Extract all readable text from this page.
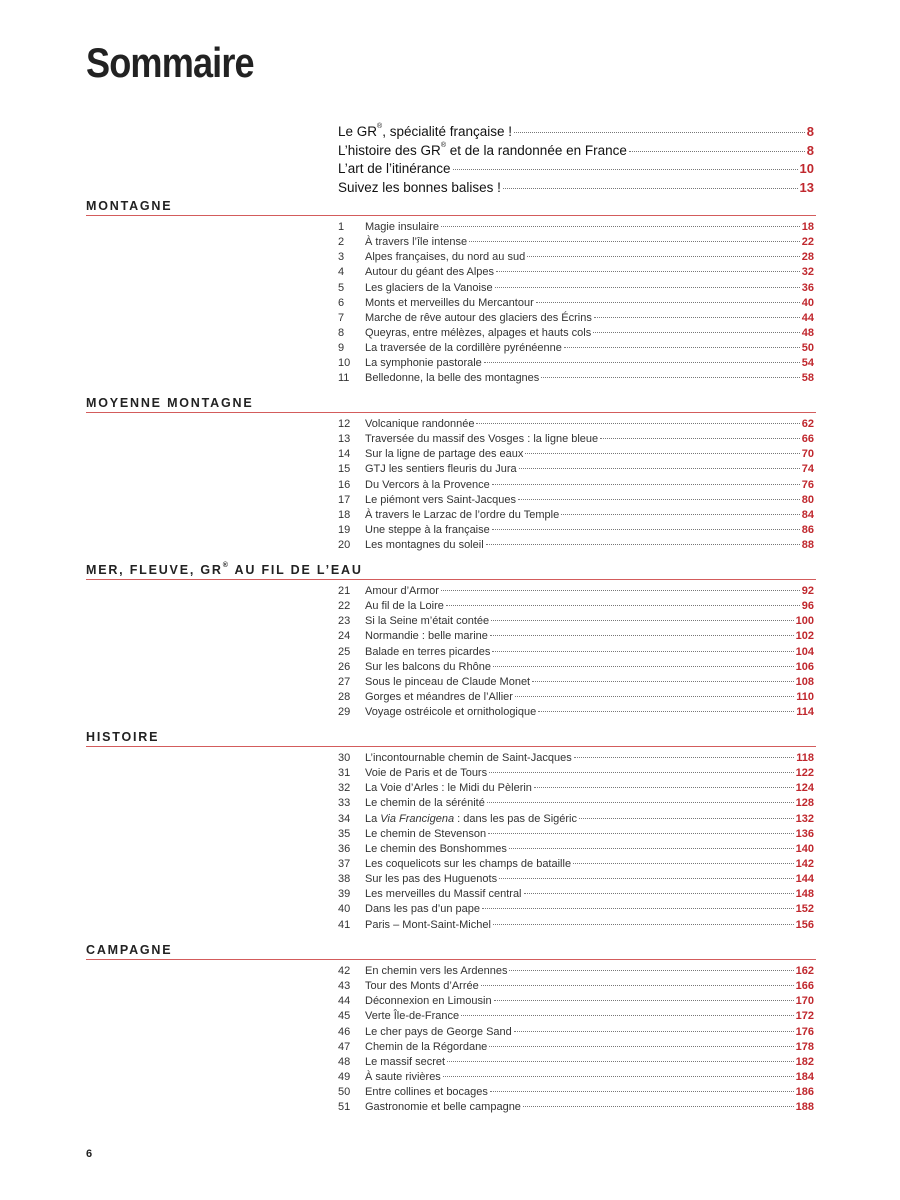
Sommaire
Le GR®, spécialité française !	8
L’histoire des GR® et de la randonnée en France	8
L’art de l’itinérance	10
Suivez les bonnes balises !	13
MONTAGNE
1	Magie insulaire	18
2	À travers l’île intense	22
3	Alpes françaises, du nord au sud	28
4	Autour du géant des Alpes	32
5	Les glaciers de la Vanoise	36
6	Monts et merveilles du Mercantour	40
7	Marche de rêve autour des glaciers des Écrins	44
8	Queyras, entre mélèzes, alpages et hauts cols	48
9	La traversée de la cordillère pyrénéenne	50
10	La symphonie pastorale	54
11	Belledonne, la belle des montagnes	58
MOYENNE MONTAGNE
12	Volcanique randonnée	62
13	Traversée du massif des Vosges : la ligne bleue	66
14	Sur la ligne de partage des eaux	70
15	GTJ les sentiers fleuris du Jura	74
16	Du Vercors à la Provence	76
17	Le piémont vers Saint-Jacques	80
18	À travers le Larzac de l’ordre du Temple	84
19	Une steppe à la française	86
20	Les montagnes du soleil	88
MER, FLEUVE, GR® AU FIL DE L’EAU
21	Amour d’Armor	92
22	Au fil de la Loire	96
23	Si la Seine m’était contée	100
24	Normandie : belle marine	102
25	Balade en terres picardes	104
26	Sur les balcons du Rhône	106
27	Sous le pinceau de Claude Monet	108
28	Gorges et méandres de l’Allier	110
29	Voyage ostréicole et ornithologique	114
HISTOIRE
30	L’incontournable chemin de Saint-Jacques	118
31	Voie de Paris et de Tours	122
32	La Voie d’Arles : le Midi du Pèlerin	124
33	Le chemin de la sérénité	128
34	La Via Francigena : dans les pas de Sigéric	132
35	Le chemin de Stevenson	136
36	Le chemin des Bonshommes	140
37	Les coquelicots sur les champs de bataille	142
38	Sur les pas des Huguenots	144
39	Les merveilles du Massif central	148
40	Dans les pas d’un pape	152
41	Paris – Mont-Saint-Michel	156
CAMPAGNE
42	En chemin vers les Ardennes	162
43	Tour des Monts d’Arrée	166
44	Déconnexion en Limousin	170
45	Verte Île-de-France	172
46	Le cher pays de George Sand	176
47	Chemin de la Régordane	178
48	Le massif secret	182
49	À saute rivières	184
50	Entre collines et bocages	186
51	Gastronomie et belle campagne	188
6
